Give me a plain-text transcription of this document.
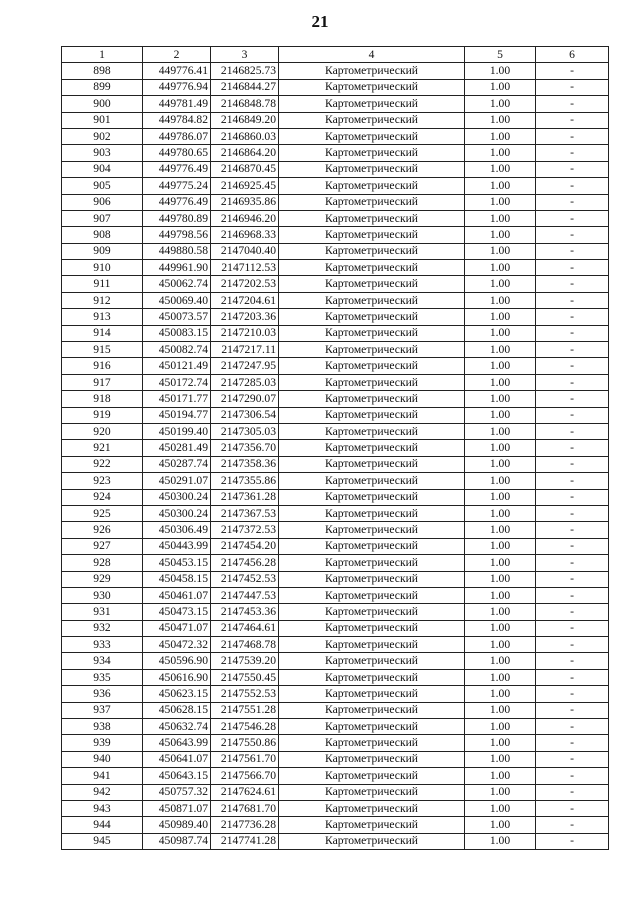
21
1	2	3	4	5	6
898	449776.41	2146825.73	Картометрический	1.00	-
899	449776.94	2146844.27	Картометрический	1.00	-
900	449781.49	2146848.78	Картометрический	1.00	-
901	449784.82	2146849.20	Картометрический	1.00	-
902	449786.07	2146860.03	Картометрический	1.00	-
903	449780.65	2146864.20	Картометрический	1.00	-
904	449776.49	2146870.45	Картометрический	1.00	-
905	449775.24	2146925.45	Картометрический	1.00	-
906	449776.49	2146935.86	Картометрический	1.00	-
907	449780.89	2146946.20	Картометрический	1.00	-
908	449798.56	2146968.33	Картометрический	1.00	-
909	449880.58	2147040.40	Картометрический	1.00	-
910	449961.90	2147112.53	Картометрический	1.00	-
911	450062.74	2147202.53	Картометрический	1.00	-
912	450069.40	2147204.61	Картометрический	1.00	-
913	450073.57	2147203.36	Картометрический	1.00	-
914	450083.15	2147210.03	Картометрический	1.00	-
915	450082.74	2147217.11	Картометрический	1.00	-
916	450121.49	2147247.95	Картометрический	1.00	-
917	450172.74	2147285.03	Картометрический	1.00	-
918	450171.77	2147290.07	Картометрический	1.00	-
919	450194.77	2147306.54	Картометрический	1.00	-
920	450199.40	2147305.03	Картометрический	1.00	-
921	450281.49	2147356.70	Картометрический	1.00	-
922	450287.74	2147358.36	Картометрический	1.00	-
923	450291.07	2147355.86	Картометрический	1.00	-
924	450300.24	2147361.28	Картометрический	1.00	-
925	450300.24	2147367.53	Картометрический	1.00	-
926	450306.49	2147372.53	Картометрический	1.00	-
927	450443.99	2147454.20	Картометрический	1.00	-
928	450453.15	2147456.28	Картометрический	1.00	-
929	450458.15	2147452.53	Картометрический	1.00	-
930	450461.07	2147447.53	Картометрический	1.00	-
931	450473.15	2147453.36	Картометрический	1.00	-
932	450471.07	2147464.61	Картометрический	1.00	-
933	450472.32	2147468.78	Картометрический	1.00	-
934	450596.90	2147539.20	Картометрический	1.00	-
935	450616.90	2147550.45	Картометрический	1.00	-
936	450623.15	2147552.53	Картометрический	1.00	-
937	450628.15	2147551.28	Картометрический	1.00	-
938	450632.74	2147546.28	Картометрический	1.00	-
939	450643.99	2147550.86	Картометрический	1.00	-
940	450641.07	2147561.70	Картометрический	1.00	-
941	450643.15	2147566.70	Картометрический	1.00	-
942	450757.32	2147624.61	Картометрический	1.00	-
943	450871.07	2147681.70	Картометрический	1.00	-
944	450989.40	2147736.28	Картометрический	1.00	-
945	450987.74	2147741.28	Картометрический	1.00	-
